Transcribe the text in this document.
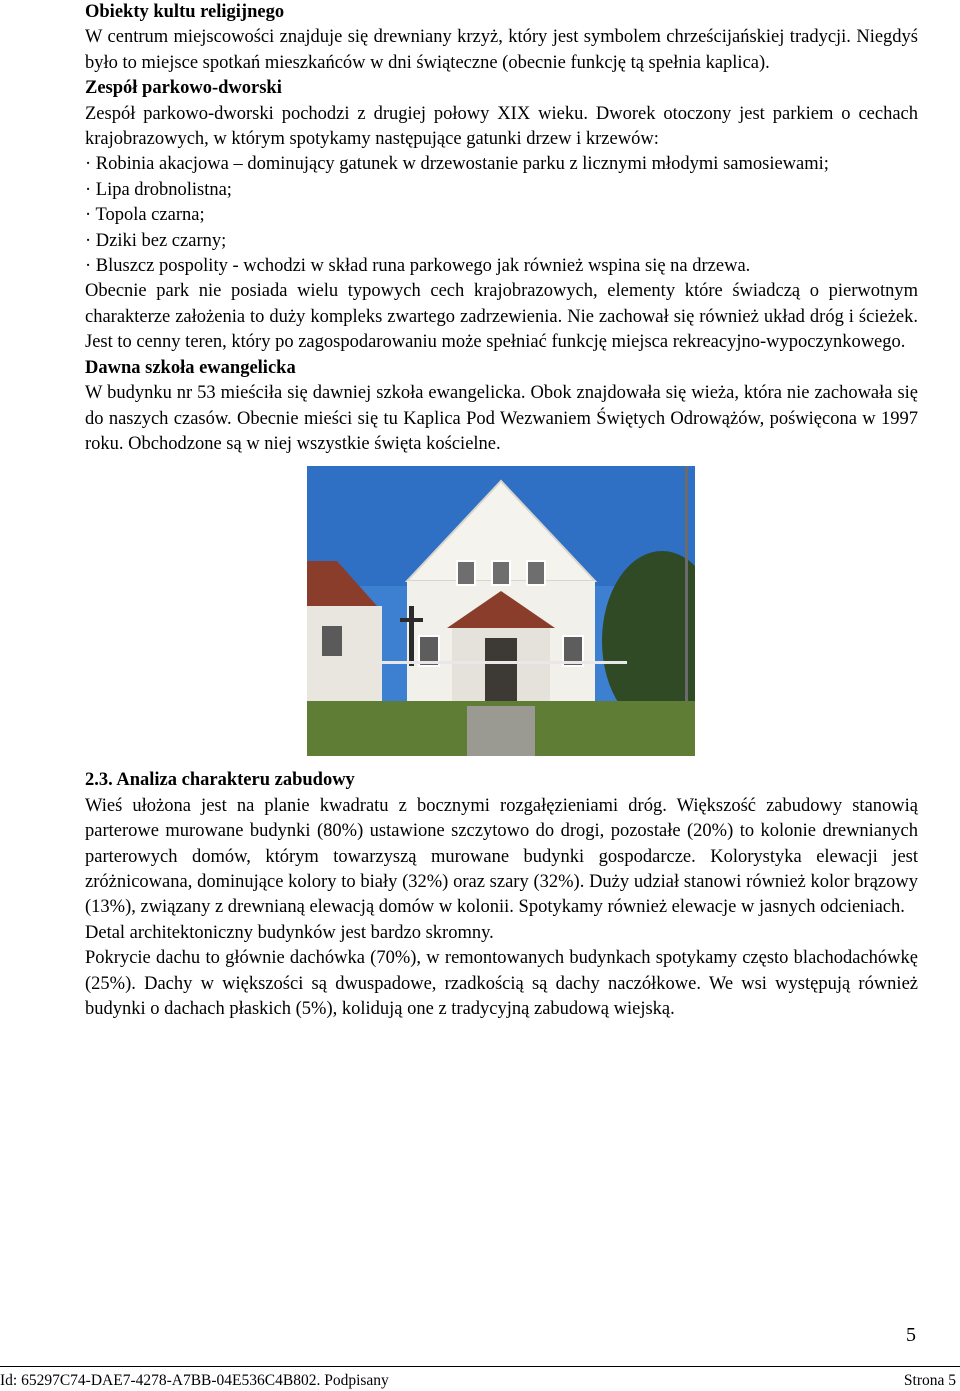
Obiekty kultu religijnego

W centrum miejscowości znajduje się drewniany krzyż, który jest symbolem chrześcijańskiej tradycji. Niegdyś było to miejsce spotkań mieszkańców w dni świąteczne (obecnie funkcję tą spełnia kaplica).

Zespół parkowo-dworski

Zespół parkowo-dworski pochodzi z drugiej połowy XIX wieku. Dworek otoczony jest parkiem o cechach krajobrazowych, w którym spotykamy następujące gatunki drzew i krzewów:

· Robinia akacjowa – dominujący gatunek w drzewostanie parku z licznymi młodymi samosiewami;

· Lipa drobnolistna;

· Topola czarna;

· Dziki bez czarny;

· Bluszcz pospolity - wchodzi w skład runa parkowego jak również wspina się na drzewa.

Obecnie park nie posiada wielu typowych cech krajobrazowych, elementy które świadczą o pierwotnym charakterze założenia to duży kompleks zwartego zadrzewienia. Nie zachował się również układ dróg i ścieżek. Jest to cenny teren, który po zagospodarowaniu może spełniać funkcję miejsca rekreacyjno-wypoczynkowego.

Dawna szkoła ewangelicka

W budynku nr 53 mieściła się dawniej szkoła ewangelicka. Obok znajdowała się wieża, która nie zachowała się do naszych czasów. Obecnie mieści się tu Kaplica Pod Wezwaniem Świętych Odrowążów, poświęcona w 1997 roku. Obchodzone są w niej wszystkie święta kościelne.

2.3. Analiza charakteru zabudowy

Wieś ułożona jest na planie kwadratu z bocznymi rozgałęzieniami dróg. Większość zabudowy stanowią parterowe murowane budynki (80%) ustawione szczytowo do drogi, pozostałe (20%) to kolonie drewnianych parterowych domów, którym towarzyszą murowane budynki gospodarcze. Kolorystyka elewacji jest zróżnicowana, dominujące kolory to biały (32%) oraz szary (32%). Duży udział stanowi również kolor brązowy (13%), związany z drewnianą elewacją domów w kolonii. Spotykamy również elewacje w jasnych odcieniach.

Detal architektoniczny budynków jest bardzo skromny.

Pokrycie dachu to głównie dachówka (70%), w remontowanych budynkach spotykamy często blachodachówkę (25%). Dachy w większości są dwuspadowe, rzadkością są dachy naczółkowe. We wsi występują również budynki o dachach płaskich (5%), kolidują one z tradycyjną zabudową wiejską.

5
Id: 65297C74-DAE7-4278-A7BB-04E536C4B802. Podpisany	Strona 5
